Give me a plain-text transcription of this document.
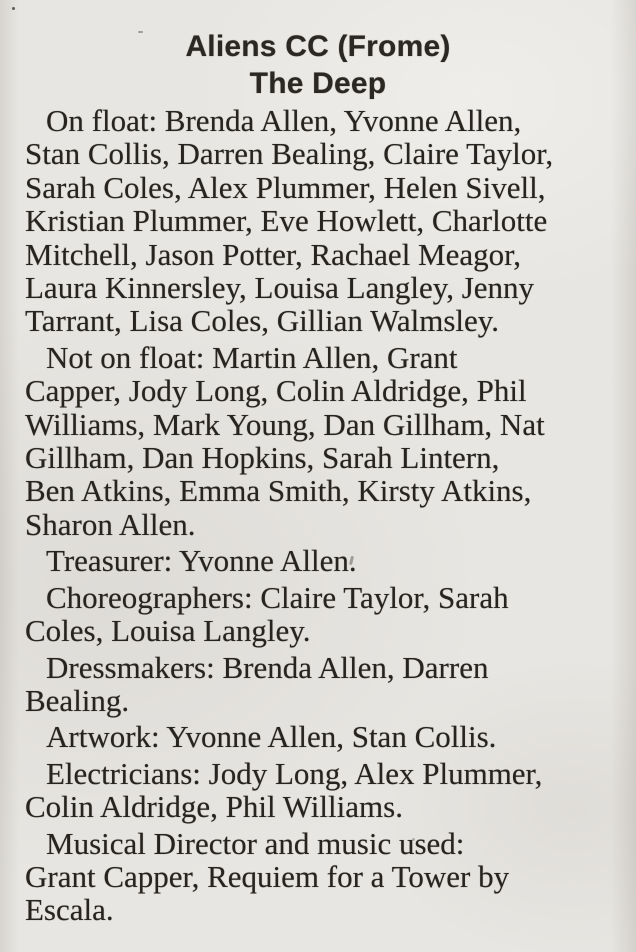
Aliens CC (Frome)
The Deep

On float: Brenda Allen, Yvonne Allen,
Stan Collis, Darren Bealing, Claire Taylor,
Sarah Coles, Alex Plummer, Helen Sivell,
Kristian Plummer, Eve Howlett, Charlotte
Mitchell, Jason Potter, Rachael Meagor,
Laura Kinnersley, Louisa Langley, Jenny
Tarrant, Lisa Coles, Gillian Walmsley.

Not on float: Martin Allen, Grant
Capper, Jody Long, Colin Aldridge, Phil
Williams, Mark Young, Dan Gillham, Nat
Gillham, Dan Hopkins, Sarah Lintern,
Ben Atkins, Emma Smith, Kirsty Atkins,
Sharon Allen.

Treasurer: Yvonne Allen.

Choreographers: Claire Taylor, Sarah
Coles, Louisa Langley.

Dressmakers: Brenda Allen, Darren
Bealing.

Artwork: Yvonne Allen, Stan Collis.

Electricians: Jody Long, Alex Plummer,
Colin Aldridge, Phil Williams.

Musical Director and music used:
Grant Capper, Requiem for a Tower by
Escala.
